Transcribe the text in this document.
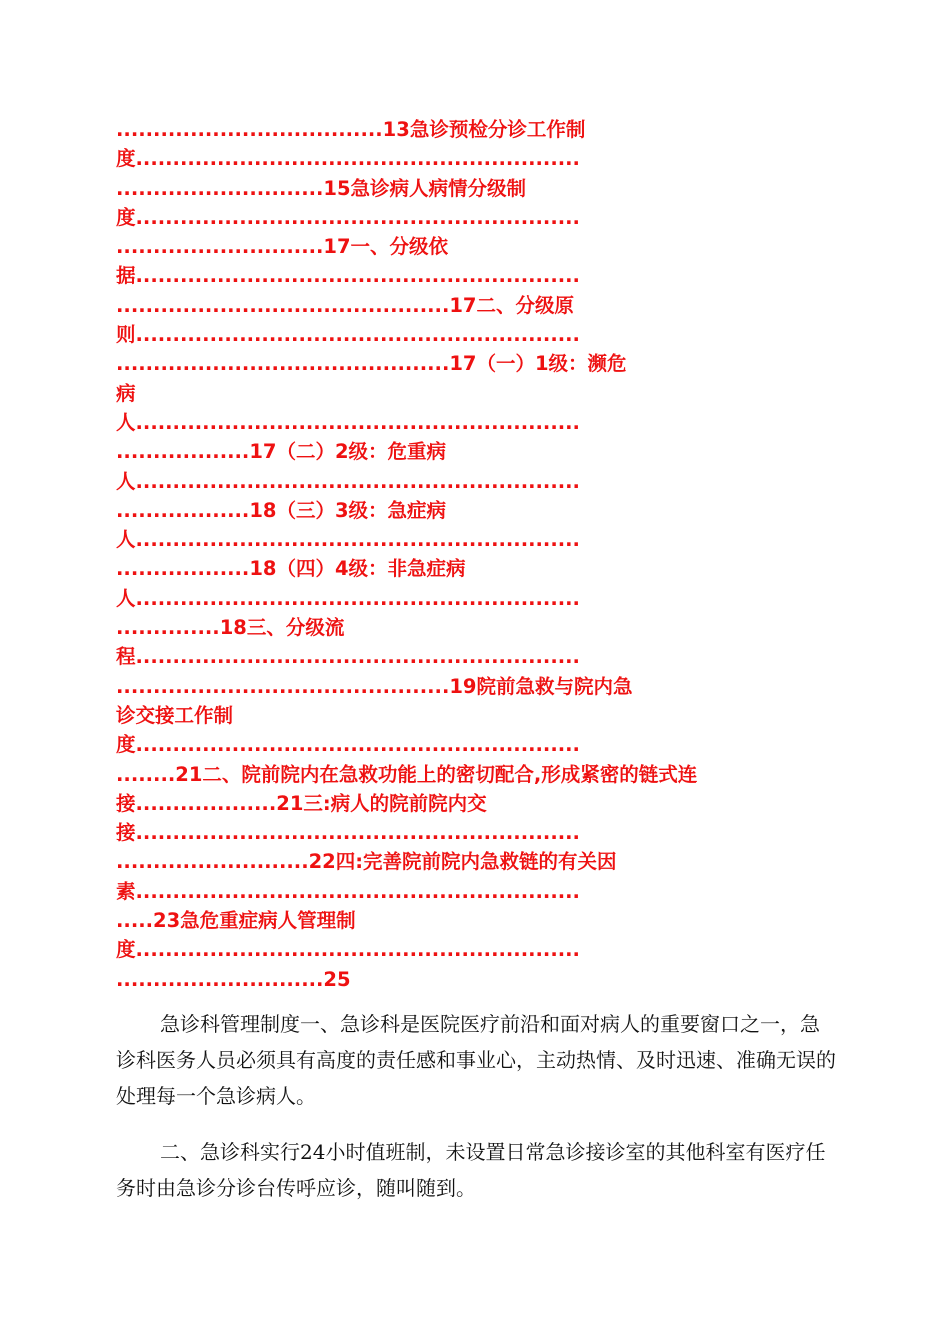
....................................13急诊预检分诊工作制
度............................................................
............................15急诊病人病情分级制
度............................................................
............................17一、分级依
据............................................................
.............................................17二、分级原
则............................................................
.............................................17（一）1级：濒危
病
人............................................................
..................17（二）2级：危重病
人............................................................
..................18（三）3级：急症病
人............................................................
..................18（四）4级：非急症病
人............................................................
..............18三、分级流
程............................................................
.............................................19院前急救与院内急
诊交接工作制
度............................................................
........21二、院前院内在急救功能上的密切配合,形成紧密的链式连
接...................21三:病人的院前院内交
接............................................................
..........................22四:完善院前院内急救链的有关因
素............................................................
.....23急危重症病人管理制
度............................................................
............................25

急诊科管理制度一、急诊科是医院医疗前沿和面对病人的重要窗口之一，急诊科医务人员必须具有高度的责任感和事业心，主动热情、及时迅速、准确无误的处理每一个急诊病人。

二、急诊科实行24小时值班制，未设置日常急诊接诊室的其他科室有医疗任务时由急诊分诊台传呼应诊，随叫随到。
